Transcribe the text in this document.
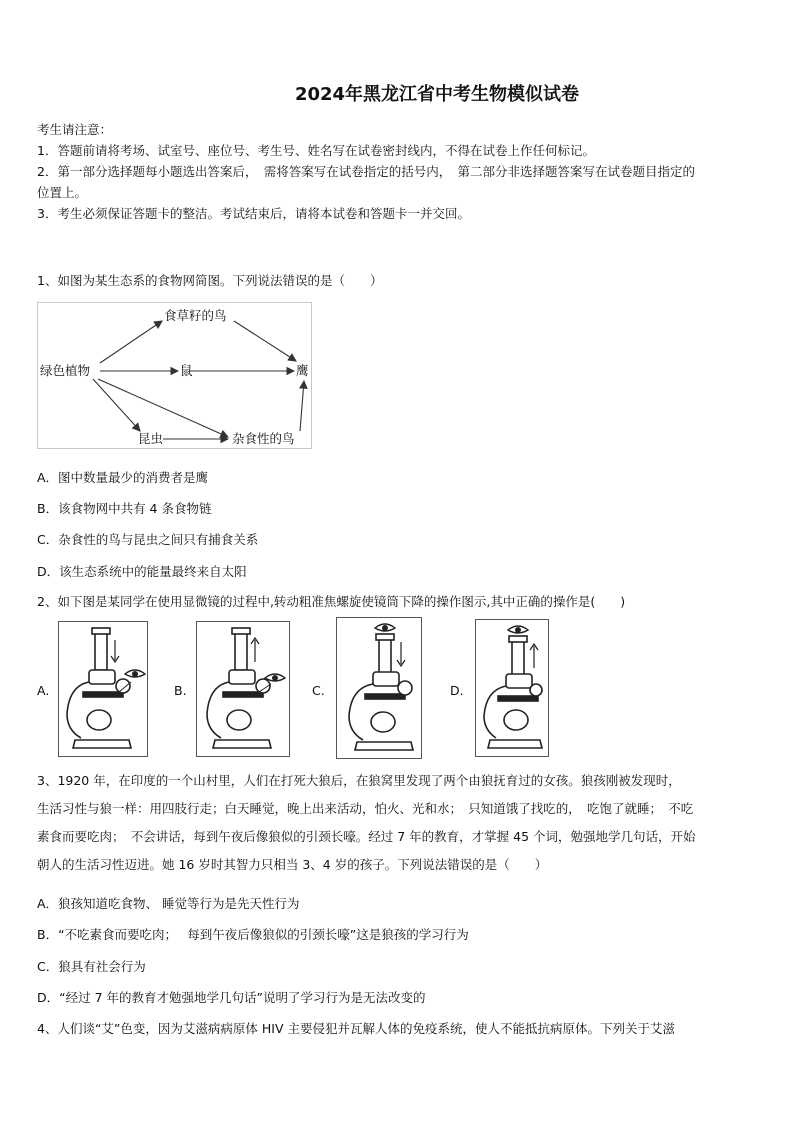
2024年黑龙江省中考生物模似试卷
考生请注意：
1．答题前请将考场、试室号、座位号、考生号、姓名写在试卷密封线内，不得在试卷上作任何标记。
2．第一部分选择题每小题选出答案后，　需将答案写在试卷指定的括号内，　第二部分非选择题答案写在试卷题目指定的
位置上。
3．考生必须保证答题卡的整洁。考试结束后，请将本试卷和答题卡一并交回。
1、如图为某生态系的食物网简图。下列说法错误的是（　　）
绿色植物
食草籽的鸟
鼠	鹰
昆虫	杂食性的鸟
A．图中数量最少的消费者是鹰
B．该食物网中共有 4 条食物链
C．杂食性的鸟与昆虫之间只有捕食关系
D．该生态系统中的能量最终来自太阳
2、如下图是某同学在使用显微镜的过程中,转动粗准焦螺旋使镜筒下降的操作图示,其中正确的操作是(　　)
A.	B.	C.	D.
3、1920 年，在印度的一个山村里，人们在打死大狼后，在狼窝里发现了两个由狼抚育过的女孩。狼孩刚被发现时，
生活习性与狼一样：用四肢行走；白天睡觉，晚上出来活动，怕火、光和水；　只知道饿了找吃的，　吃饱了就睡；　不吃
素食而要吃肉；　不会讲话，每到午夜后像狼似的引颈长嚎。经过 7 年的教育，才掌握 45 个词，勉强地学几句话，开始
朝人的生活习性迈进。她 16 岁时其智力只相当 3、4 岁的孩子。下列说法错误的是（　　）
A．狼孩知道吃食物、 睡觉等行为是先天性行为
B．“不吃素食而要吃肉；　 每到午夜后像狼似的引颈长嚎”这是狼孩的学习行为
C．狼具有社会行为
D．“经过 7 年的教育才勉强地学几句话”说明了学习行为是无法改变的
4、人们谈“艾”色变，因为艾滋病病原体 HIV 主要侵犯并瓦解人体的免疫系统，使人不能抵抗病原体。下列关于艾滋
